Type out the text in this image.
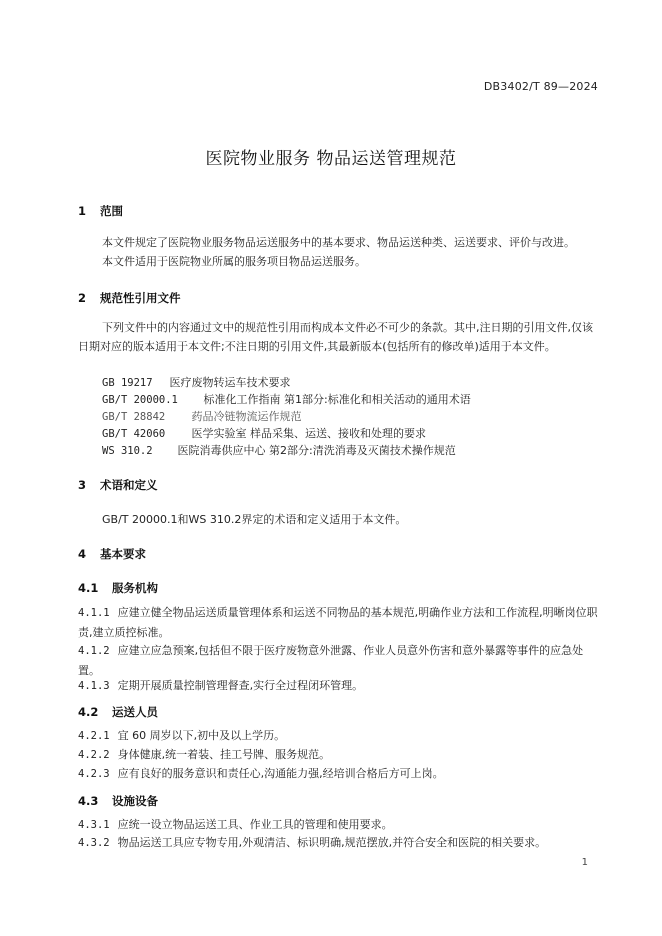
DB3402/T 89—2024
医院物业服务 物品运送管理规范
1 范围
本文件规定了医院物业服务物品运送服务中的基本要求、物品运送种类、运送要求、评价与改进。
本文件适用于医院物业所属的服务项目物品运送服务。
2 规范性引用文件
下列文件中的内容通过文中的规范性引用而构成本文件必不可少的条款。其中,注日期的引用文件,仅该日期对应的版本适用于本文件;不注日期的引用文件,其最新版本(包括所有的修改单)适用于本文件。
GB 19217 医疗废物转运车技术要求
GB/T 20000.1 标准化工作指南 第1部分:标准化和相关活动的通用术语
GB/T 28842 药品冷链物流运作规范
GB/T 42060 医学实验室 样品采集、运送、接收和处理的要求
WS 310.2 医院消毒供应中心 第2部分:清洗消毒及灭菌技术操作规范
3 术语和定义
GB/T 20000.1和WS 310.2界定的术语和定义适用于本文件。
4 基本要求
4.1 服务机构
4.1.1 应建立健全物品运送质量管理体系和运送不同物品的基本规范,明确作业方法和工作流程,明晰岗位职责,建立质控标准。
4.1.2 应建立应急预案,包括但不限于医疗废物意外泄露、作业人员意外伤害和意外暴露等事件的应急处置。
4.1.3 定期开展质量控制管理督查,实行全过程闭环管理。
4.2 运送人员
4.2.1 宜 60 周岁以下,初中及以上学历。
4.2.2 身体健康,统一着装、挂工号牌、服务规范。
4.2.3 应有良好的服务意识和责任心,沟通能力强,经培训合格后方可上岗。
4.3 设施设备
4.3.1 应统一设立物品运送工具、作业工具的管理和使用要求。
4.3.2 物品运送工具应专物专用,外观清洁、标识明确,规范摆放,并符合安全和医院的相关要求。
1
